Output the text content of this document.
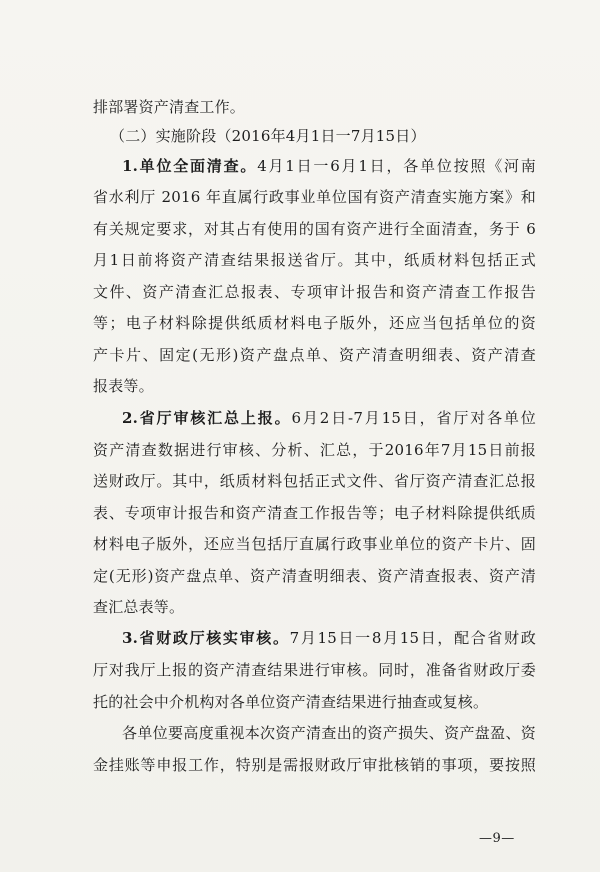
排部署资产清查工作。
（二）实施阶段（2016年4月1日一7月15日）
1.单位全面清查。4月1日一6月1日，各单位按照《河南
省水利厅 2016 年直属行政事业单位国有资产清查实施方案》和
有关规定要求，对其占有使用的国有资产进行全面清查，务于 6
月1日前将资产清查结果报送省厅。其中，纸质材料包括正式
文件、资产清查汇总报表、专项审计报告和资产清查工作报告
等；电子材料除提供纸质材料电子版外，还应当包括单位的资
产卡片、固定(无形)资产盘点单、资产清查明细表、资产清查
报表等。
2.省厅审核汇总上报。6月2日-7月15日，省厅对各单位
资产清查数据进行审核、分析、汇总，于2016年7月15日前报
送财政厅。其中，纸质材料包括正式文件、省厅资产清查汇总报
表、专项审计报告和资产清查工作报告等；电子材料除提供纸质
材料电子版外，还应当包括厅直属行政事业单位的资产卡片、固
定(无形)资产盘点单、资产清查明细表、资产清查报表、资产清
查汇总表等。
3.省财政厅核实审核。7月15日一8月15日，配合省财政
厅对我厅上报的资产清查结果进行审核。同时，准备省财政厅委
托的社会中介机构对各单位资产清查结果进行抽查或复核。
各单位要高度重视本次资产清查出的资产损失、资产盘盈、资
金挂账等申报工作，特别是需报财政厅审批核销的事项，要按照
—9—
